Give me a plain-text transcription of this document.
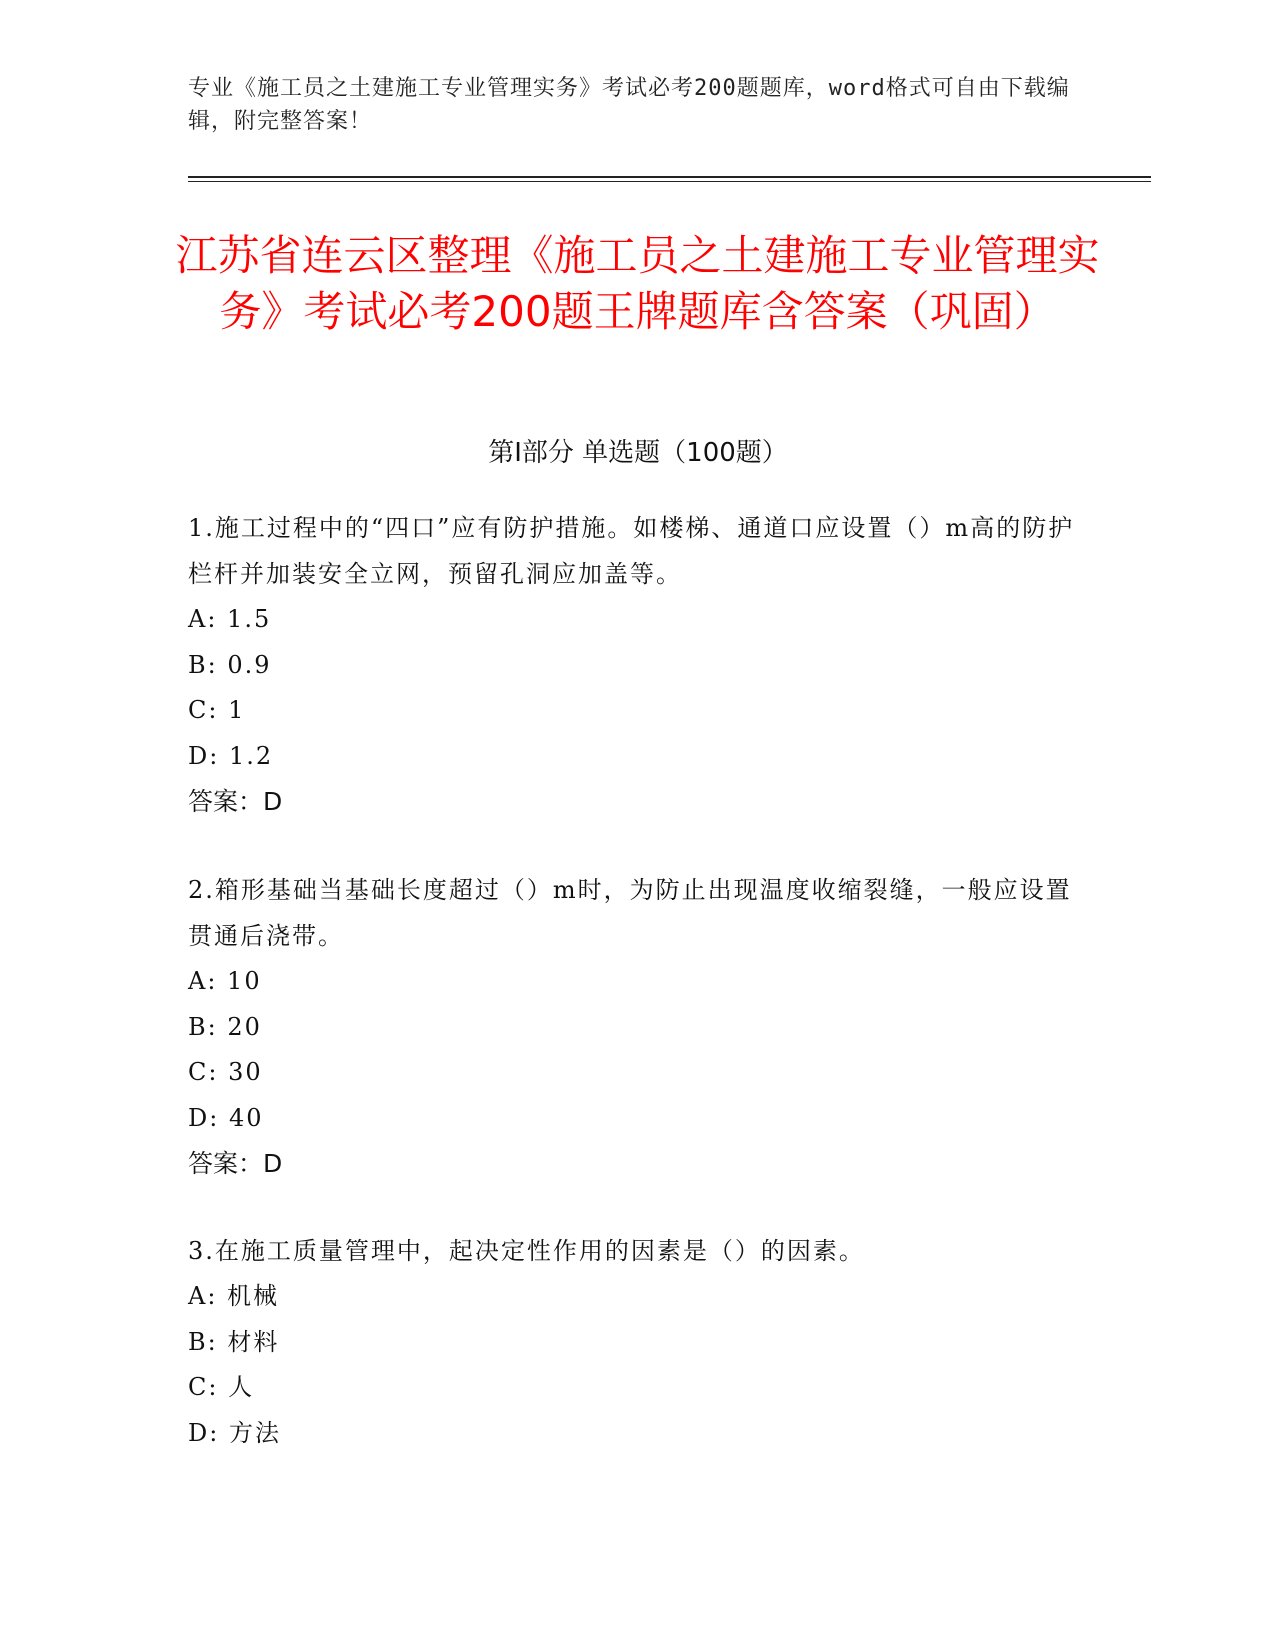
专业《施工员之土建施工专业管理实务》考试必考200题题库，word格式可自由下载编辑，附完整答案！
江苏省连云区整理《施工员之土建施工专业管理实务》考试必考200题王牌题库含答案（巩固）
第Ⅰ部分 单选题（100题）
1.施工过程中的“四口”应有防护措施。如楼梯、通道口应设置（）m高的防护栏杆并加装安全立网，预留孔洞应加盖等。
A: 1.5
B: 0.9
C: 1
D: 1.2
答案：D
2.箱形基础当基础长度超过（）m时，为防止出现温度收缩裂缝，一般应设置贯通后浇带。
A: 10
B: 20
C: 30
D: 40
答案：D
3.在施工质量管理中，起决定性作用的因素是（）的因素。
A: 机械
B: 材料
C: 人
D: 方法
